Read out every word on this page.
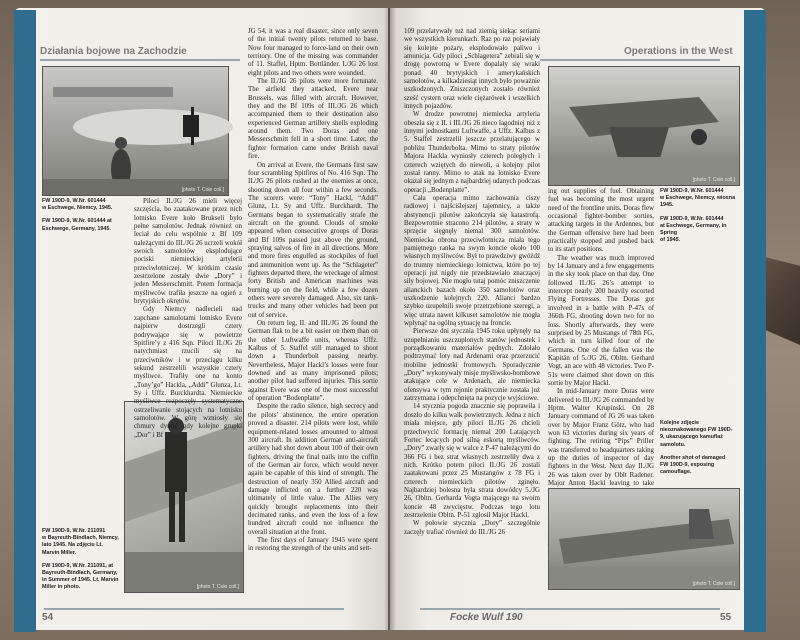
Działania bojowe na Zachodzie
[photo T. Cole coll.]
FW 190D-9, W.Nr. 601444
w Eschwege, Niemcy, 1945.
FW 190D-9, W.Nr. 601444 at
Eschwege, Germany, 1945.
[photo T. Cole coll.]
FW 190D-9, W.Nr. 211091
w Bayreuth-Bindlach, Niemcy,
lato 1945. Na zdjęciu Lt.
Marvin Miller.
FW 190D-9, W.Nr. 211091, at
Bayreuth-Bindlach, Germany,
in Summer of 1945. Lt. Marvin
Miller in photo.

Piloci II./JG 26 mieli więcej szczęścia, bo zaatakowane przez nich lotnisko Evere koło Brukseli było pełne samolotów. Jednak również on leciał do celu wspólnie z Bf 109 należącymi do III./JG 26 ucrzeli wokół swoich samolotów eksplodujące pociski niemieckiej artylerii przeciwlotniczej. W krótkim czasie zestrzelone zostały dwie „Dory” i jeden Messerschmitt. Potem formacja myśliwców trafiła jeszcze na ogień z brytyjskich okrętów.

Gdy Niemcy nadlecieli nad zapchane samolotami lotnisko Evere najpierw dostrzegli cztery podrywające się w powietrze Spitfire’y z 416 Sqn. Piloci II./JG 26 natychmiast rzucili się na przeciwników i w przeciągu kilku sekund zestrzelili wszystkie cztery myśliwce. Trafiły one na konto „Tony’go” Hackla, „Addi” Glunza, Lt. Sy i Uffz. Burckhardta. Niemieckie myśliwce rozpoczęły systematyczne ostrzeliwanie stojących na lotnisku samolotów. W górę wzniosły się chmury dymu, gdy kolejne grupki „Dor” i Bf

JG 54, it was a real disaster, since only seven of the initial twenty pilots returned to base. Now four managed to force-land on their own territory. One of the missing was commander of 11. Staffel, Hptm. Bottländer. I./JG 26 lost eight pilots and two others were wounded.

The II./JG 26 pilots were more fortunate. The airfield they attacked, Evere near Brussels, was filled with aircraft. However, they and the Bf 109s of III./JG 26 which accompanied them to their destination also experienced German artillery shells exploding around them. Two Doras and one Messerschmitt fell in a short time. Later, the fighter formation came under British naval fire.

On arrival at Evere, the Germans first saw four scrambling Spitfires of No. 416 Sqn. The II./JG 26 pilots rushed at the enemies at once, shooting down all four within a few seconds. The scorers were: “Tony” Hackl, “Addi” Glunz, Lt. Sy and Uffz. Burckhardt. The Germans began to systematically strafe the aircraft on the ground. Clouds of smoke appeared when consecutive groups of Doras and Bf 109s passed just above the ground, spraying salvos of fire in all directions. More and more fires engulfed as stockpiles of fuel and ammunition went up. As the “Schlageter” fighters departed there, the wreckage of almost forty British and American machines was burning up on the field, while a few dozen others were severely damaged. Also, six tank-trucks and many other vehicles had been put out of service.

On return leg, II. and III./JG 26 found the German flak to be a bit easier on them than on the other Luftwaffe units, whereas Uffz. Kalbus of 5. Staffel still managed to shoot down a Thunderbolt passing nearby. Nevertheless, Major Hackl’s losses were four downed and as many imprisoned pilots; another pilot had suffered injuries. This sortie against Evere was one of the most successful of operation “Bodenplatte”.

Despite the radio silence, high secrecy and the pilots’ abstinence, the entire operation proved a disaster. 214 pilots were lost, while equipment-related losses amounted to almost 300 aircraft. In addition German anti-aircraft artillery had shot down about 100 of their own fighters, driving the final nails into the coffin of the German air force, which would never again be capable of this kind of strength. The destruction of nearly 350 Allied aircraft and damage inflicted on a further 220 was ultimately of little value. The Allies very quickly brought replacements into their decimated ranks, and even the loss of a few hundred aircraft could not influence the overall situation at the front.

The first days of January 1945 were spent in restoring the strength of the units and sett-

54
Operations in the West

109 przelatywały tuż nad ziemią siekąc seriami we wszystkich kierunkach. Raz po raz pojawiały się kolejne pożary, eksplodowało paliwo i amunicja. Gdy piloci „Schlagetera” zebrali się w drogę powrotną w Evere dopalały się wraki ponad 40 brytyjskich i amerykańskich samolotów, a kilkadziesiąt innych było poważnie uszkodzonych. Zniszczonych zostało również sześć cystern oraz wiele ciężarówek i wszelkich innych pojazdów.

W drodze powrotnej niemiecka artyleria obeszła się z II. i III./JG 26 nieco łagodniej niż z innymi jednostkami Luftwaffe, a Uffz. Kalbus z 5. Staffel zestrzelił jeszcze przelatującego w pobliżu Thunderbolta. Mimo to straty pilotów Majora Hackla wyniosły czterech poległych i czterech wziętych do niewoli, a kolejny pilot został ranny. Mimo to atak na lotnisko Evere okazał się jednym z najbardziej udanych podczas operacji „Bodenplatte”.

Cała operacja mimo zachowania ciszy radiowej i najściślejszej tajemnicy, a także abstynencji pilotów zakończyła się katastrofą. Bezpowrotnie stracono 214 pilotów, a straty w sprzęcie sięgnęły niemal 300 samolotów. Niemiecka obrona przeciwlotnicza miała tego pamiętnego ranka na swym koncie około 100 własnych myśliwców. Był to prawdziwy gwóźdź do trumny niemieckiego lotnictwa, które po tej operacji już nigdy nie przedstawiało znaczącej siły bojowej. Nie mogło tutaj pomóc zniszczenie alianckich bazach około 350 samolotów oraz uszkodzenie kolejnych 220. Alianci bardzo szybko uzupełnili swoje przetrzebione szeregi, a więc utrata nawet kilkuset samolotów nie mogła wpłynąć na ogólną sytuację na froncie.

Pierwsze dni stycznia 1945 roku upłynęły na uzupełnianiu uszczuplonych stanów jednostek i porządkowaniu materiałów pędnych. Zdołało podtrzymać loty nad Ardenami oraz przerzucić mobilne jednostki frontowych. Sporadycznie „Dory” wykonywały misje myśliwsko-bombowe atakujące cele w Ardenach, ale niemiecka ofensywa w tym rejonie praktycznie została już zatrzymana i odepchnięta na pozycje wyjściowe.

14 stycznia pogoda znacznie się poprawiła i doszło do kilku walk powietrznych. Jedna z nich miała miejsce, gdy piloci II./JG 26 chcieli przechwycić formację niemal 200 Latających Fortec lecących pod silną eskortą myśliwców. „Dory” zwarły się w walce z P-47 należącymi do 366 FG i bez strat własnych zestrzeliły dwa z nich. Krótko potem piloci II./JG 26 zostali zaatakowani przez 25 Mustangów z 78 FG i czterech niemieckich pilotów zginęło. Najbardziej bolesna była strata dowódcy 5./JG 26, Obltn. Gerharda Vogta mającego na swoim koncie 48 zwycięstw. Podczas tego lotu zestrzelenie Obltn. P-51 zgłosił Major Hackl.

W połowie stycznia „Dory” szczególnie zaczęły trafiać również do III./JG 26

[photo T. Cole coll.]
FW 190D-9, W.Nr. 601444
w Eschwege, Niemcy, wiosna
1945.
FW 190D-9, W.Nr. 601444
at Eschwege, Germany, in Spring
of 1945.

ing out supplies of fuel. Obtaining fuel was becoming the most urgent need of the frontline units. Doras flew occasional fighter-bomber sorties, attacking targets in the Ardennes, but the German offensive here had been practically stopped and pushed back to its start positions.

The weather was much improved by 14 January and a few engagements in the sky took place on that day. One followed II./JG 26’s attempt to intercept nearly 200 heavily escorted Flying Fortresses. The Doras got involved in a battle with P-47s of 366th FG, shooting down two for no loss. Shortly afterwards, they were surprised by 25 Mustangs of 78th FG, which in turn killed four of the Germans. One of the fallen was the Kapitän of 5./JG 26, Obltn. Gerhard Vogt, an ace with 48 victories. Two P-51s were claimed shot down on this sortie by Major Hackl.

In mid-January more Doras were delivered to III./JG 26 commanded by Hptm. Walter Krupinski. On 28 January command of JG 26 was taken over by Major Franz Götz, who had won 63 victories during six years of fighting. The retiring “Pips” Priller was transferred to headquarters taking up the duties of inspector of day fighters in the West. Next day II./JG 26 was taken over by Oblt Radener. Major Anton Hackl leaving to take

Kolejne zdjęcie
nieoznakowanego FW 190D-
9, ukazującego kamuflaż
samolotu.
Another shot of damaged
FW 190D-9, exposing
camouflage.
[photo T. Cole coll.]
Focke Wulf 190	55
